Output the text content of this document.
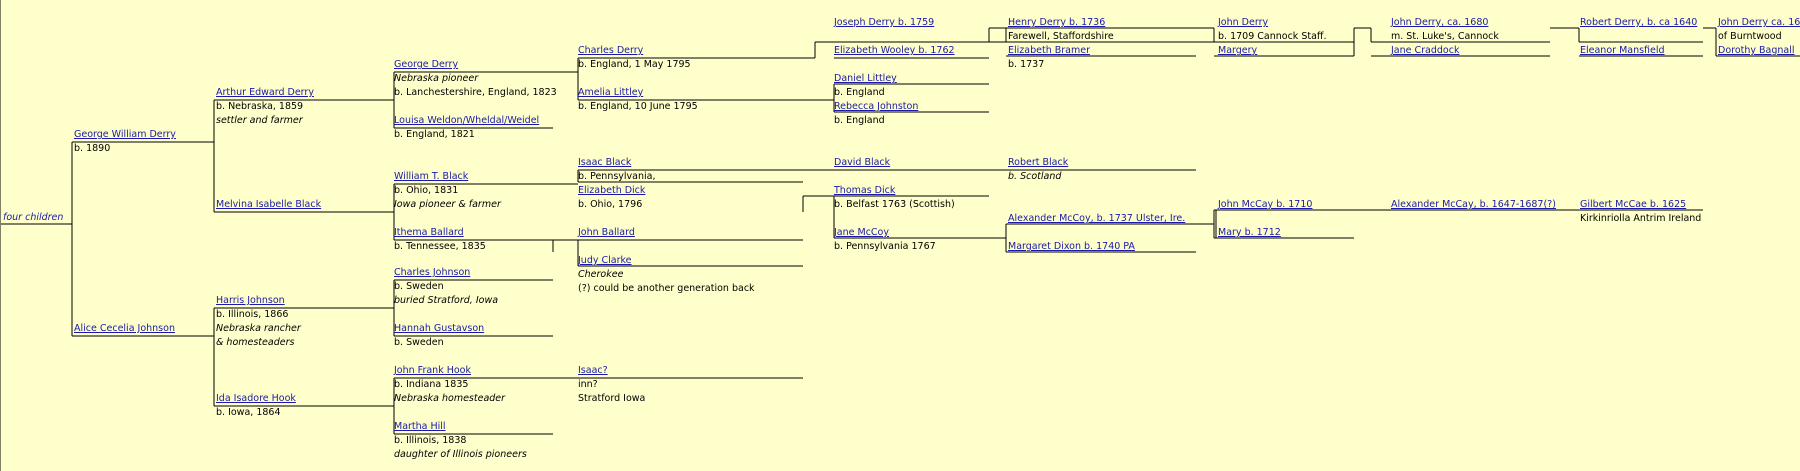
four children
George William Derry
b. 1890
Alice Cecelia Johnson
Arthur Edward Derry
b. Nebraska, 1859
settler and farmer
Melvina Isabelle Black
Harris Johnson
b. Illinois, 1866
Nebraska rancher
& homesteaders
Ida Isadore Hook
b. Iowa, 1864
George Derry
Nebraska pioneer
b. Lanchestershire, England, 1823
Louisa Weldon/Wheldal/Weidel
b. England, 1821
William T. Black
b. Ohio, 1831
Iowa pioneer & farmer
Ithema Ballard
b. Tennessee, 1835
Charles Johnson
b. Sweden
buried Stratford, Iowa
Hannah Gustavson
b. Sweden
John Frank Hook
b. Indiana 1835
Nebraska homesteader
Martha Hill
b. Illinois, 1838
daughter of Illinois pioneers
Charles Derry
b. England, 1 May 1795
Amelia Littley
b. England, 10 June 1795
Isaac Black
b. Pennsylvania,
Elizabeth Dick
b. Ohio, 1796
John Ballard
Judy Clarke
Cherokee
(?) could be another generation back
Isaac?
inn?
Stratford Iowa
Joseph Derry b. 1759
Elizabeth Wooley b. 1762
Daniel Littley
b. England
Rebecca Johnston
b. England
David Black
Thomas Dick
b. Belfast 1763 (Scottish)
Jane McCoy
b. Pennsylvania 1767
Henry Derry b. 1736
Farewell, Staffordshire
Elizabeth Bramer
b. 1737
Robert Black
b. Scotland
Alexander McCoy, b. 1737 Ulster, Ire.
Margaret Dixon b. 1740 PA
John Derry
b. 1709 Cannock Staff.
Margery
John McCay b. 1710
Mary b. 1712
John Derry, ca. 1680
m. St. Luke's, Cannock
Jane Craddock
Alexander McCay, b. 1647-1687(?)
Robert Derry, b. ca 1640
Eleanor Mansfield
Gilbert McCae b. 1625
Kirkinriolla Antrim Ireland
John Derry ca. 16
of Burntwood
Dorothy Bagnall
